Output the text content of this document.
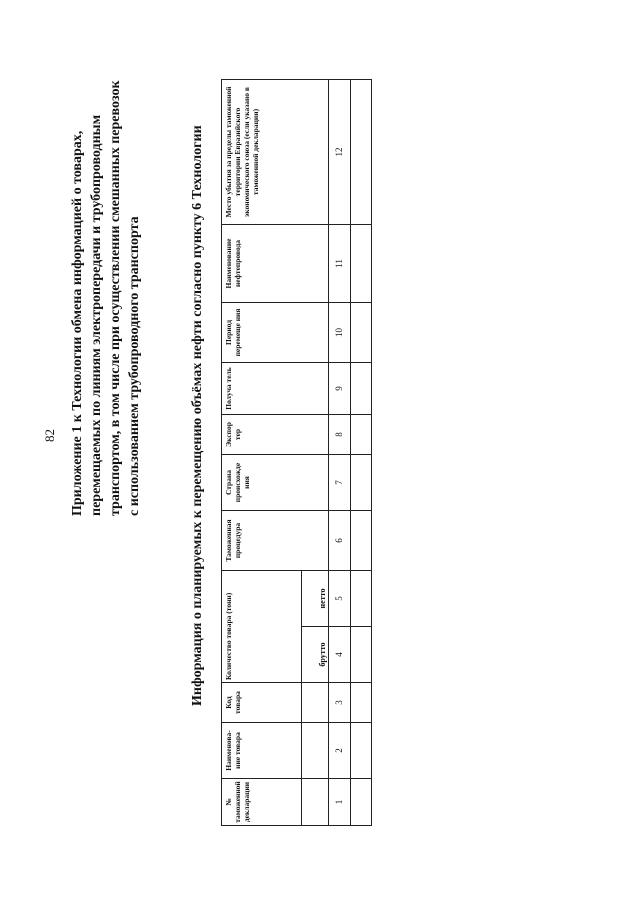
82 Приложение 1 к Технологии обмена информацией о товарах, перемещаемых по линиям электропередачи и трубопроводным транспортом, в том числе при осуществлении смешанных перевозок с использованием трубопроводного транспорта	Информация о планируемых к перемещению объёмах нефти согласно пункту 6 Технологии
№ таможенной декларации	Наименова-ние товара	Код товара	Количество товара (тонн)		Таможенная процедура	Страна происхожде ния	Экспор тер	Получа тель	Период перемеще ния	Наименование нефтепровода	Место убытия за пределы таможенной территории Евразийского экономического союза (если указано в таможенной декларации)
			брутто	нетто							
1	2	3	4	5	6	7	8	9	10	11	12
